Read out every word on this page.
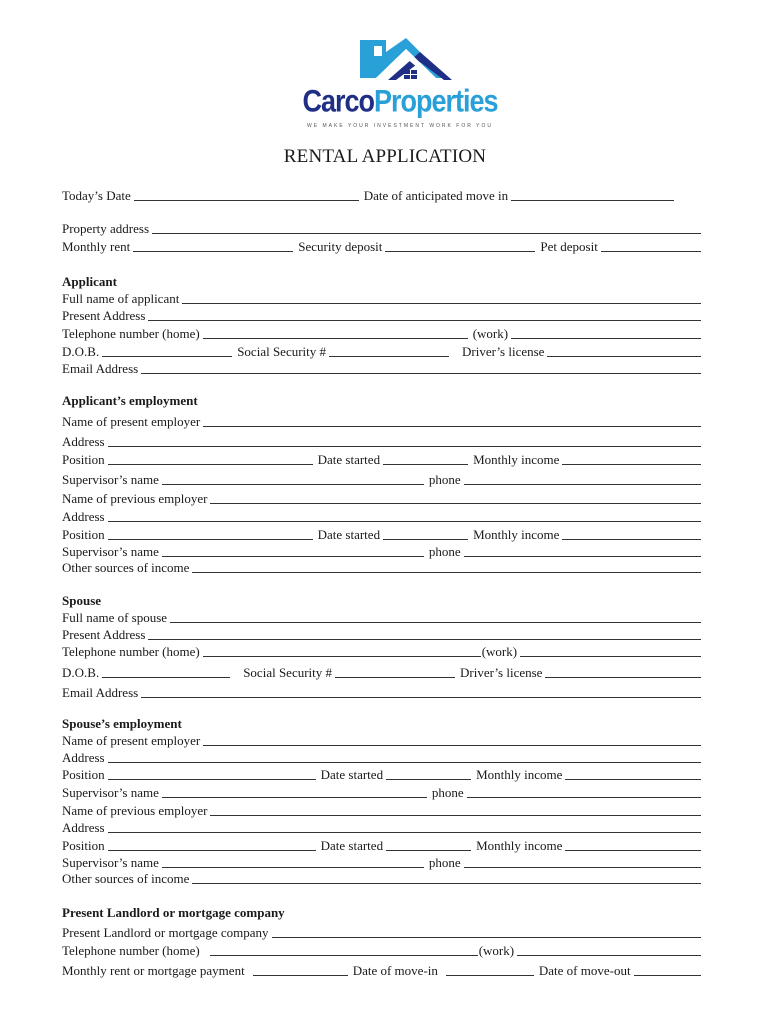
CarcoProperties
WE MAKE YOUR INVESTMENT WORK FOR YOU
RENTAL APPLICATION
Today’s Date	Date of anticipated move in
Property address
Monthly rent	Security deposit	Pet deposit
Applicant
Full name of applicant
Present Address
Telephone number (home)	(work)
D.O.B.	Social Security #	Driver’s license
Email Address
Applicant’s employment
Name of present employer
Address
Position	Date started	Monthly income
Supervisor’s name	phone
Name of previous employer
Address
Position	Date started	Monthly income
Supervisor’s name	phone
Other sources of income
Spouse
Full name of spouse
Present Address
Telephone number (home)	(work)
D.O.B.	Social Security #	Driver’s license
Email Address
Spouse’s employment
Name of present employer
Address
Position	Date started	Monthly income
Supervisor’s name	phone
Name of previous employer
Address
Position	Date started	Monthly income
Supervisor’s name	phone
Other sources of income
Present Landlord or mortgage company
Present Landlord or mortgage company
Telephone number (home)	(work)
Monthly rent or mortgage payment	Date of move-in	Date of move-out
